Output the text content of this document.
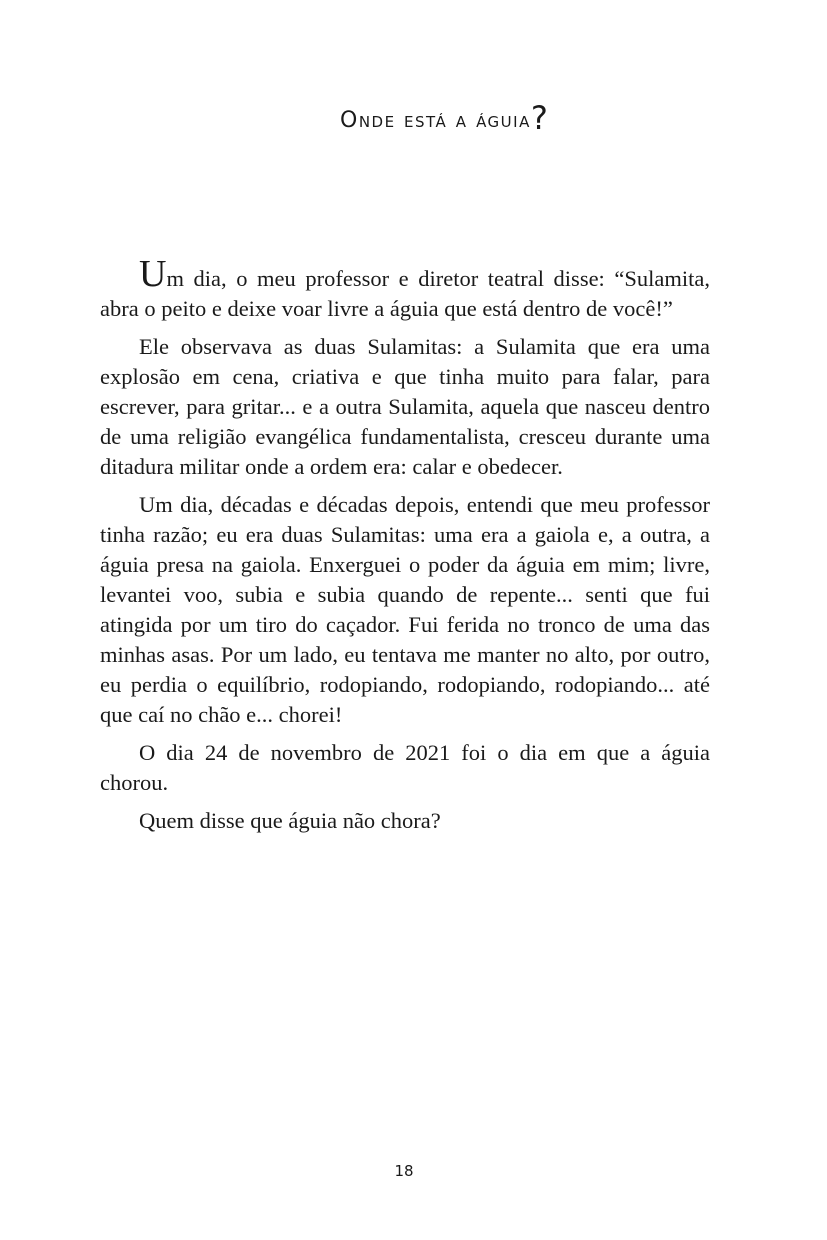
Onde está a águia?

Um dia, o meu professor e diretor teatral disse: “Sulamita, abra o peito e deixe voar livre a águia que está dentro de você!”

Ele observava as duas Sulamitas: a Sulamita que era uma explosão em cena, criativa e que tinha muito para falar, para escrever, para gritar... e a outra Sulamita, aquela que nasceu dentro de uma religião evangélica fundamentalista, cresceu durante uma ditadura militar onde a ordem era: calar e obedecer.

Um dia, décadas e décadas depois, entendi que meu professor tinha razão; eu era duas Sulamitas: uma era a gaiola e, a outra, a águia presa na gaiola. Enxerguei o poder da águia em mim; livre, levantei voo, subia e subia quando de repente... senti que fui atingida por um tiro do caçador. Fui ferida no tronco de uma das minhas asas. Por um lado, eu tentava me manter no alto, por outro, eu perdia o equilíbrio, rodopiando, rodopiando, rodopiando... até que caí no chão e... chorei!

O dia 24 de novembro de 2021 foi o dia em que a águia chorou.

Quem disse que águia não chora?

18
